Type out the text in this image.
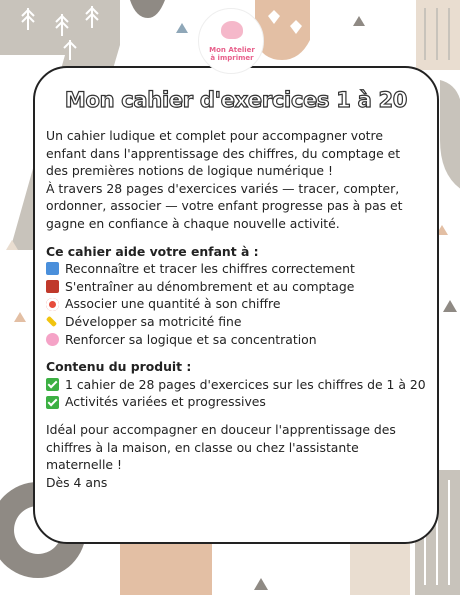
Mon Atelier
à imprimer
Mon cahier d'exercices 1 à 20

Un cahier ludique et complet pour accompagner votre

enfant dans l'apprentissage des chiffres, du comptage et

des premières notions de logique numérique !

À travers 28 pages d'exercices variés — tracer, compter,

ordonner, associer — votre enfant progresse pas à pas et

gagne en confiance à chaque nouvelle activité.

Ce cahier aide votre enfant à :

Reconnaître et tracer les chiffres correctement
S'entraîner au dénombrement et au comptage
Associer une quantité à son chiffre
Développer sa motricité fine
Renforcer sa logique et sa concentration

Contenu du produit :

1 cahier de 28 pages d'exercices sur les chiffres de 1 à 20
Activités variées et progressives

Idéal pour accompagner en douceur l'apprentissage des

chiffres à la maison, en classe ou chez l'assistante

maternelle !

Dès 4 ans
